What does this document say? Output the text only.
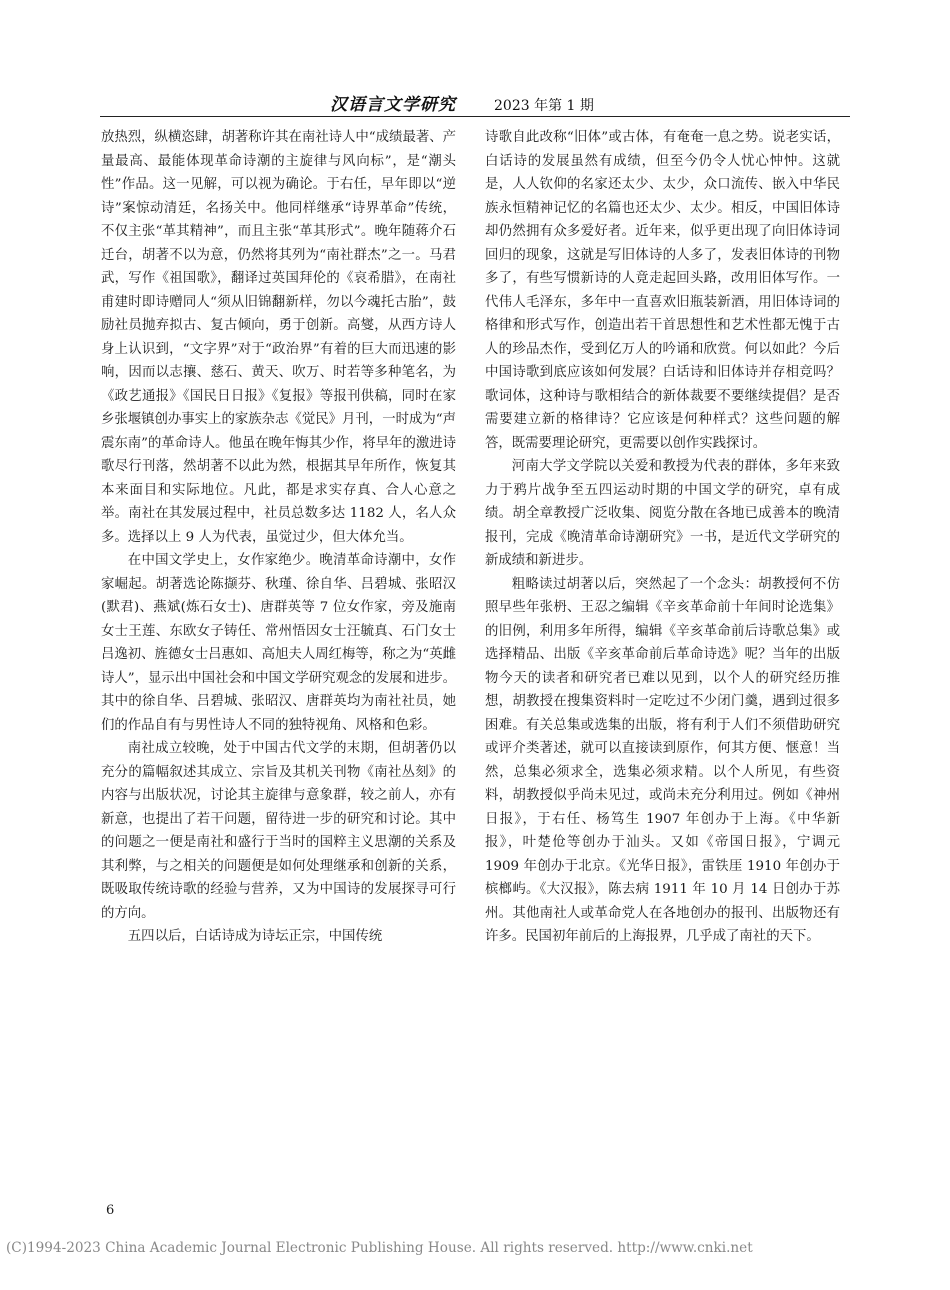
汉语言文学研究	2023 年第 1 期

放热烈，纵横恣肆，胡著称许其在南社诗人中“成绩最著、产量最高、最能体现革命诗潮的主旋律与风向标”，是“潮头性”作品。这一见解，可以视为确论。于右任，早年即以“逆诗”案惊动清廷，名扬关中。他同样继承“诗界革命”传统，不仅主张“革其精神”，而且主张“革其形式”。晚年随蒋介石迁台，胡著不以为意，仍然将其列为“南社群杰”之一。马君武，写作《祖国歌》，翻译过英国拜伦的《哀希腊》，在南社甫建时即诗赠同人“须从旧锦翻新样，勿以今魂托古胎”，鼓励社员抛弃拟古、复古倾向，勇于创新。高燮，从西方诗人身上认识到，“文字界”对于“政治界”有着的巨大而迅速的影响，因而以志攘、慈石、黄天、吹万、时若等多种笔名，为《政艺通报》《国民日日报》《复报》等报刊供稿，同时在家乡张堰镇创办事实上的家族杂志《觉民》月刊，一时成为“声震东南”的革命诗人。他虽在晚年悔其少作，将早年的激进诗歌尽行刊落，然胡著不以此为然，根据其早年所作，恢复其本来面目和实际地位。凡此，都是求实存真、合人心意之举。南社在其发展过程中，社员总数多达 1182 人，名人众多。选择以上 9 人为代表，虽觉过少，但大体允当。

在中国文学史上，女作家绝少。晚清革命诗潮中，女作家崛起。胡著选论陈撷芬、秋瑾、徐自华、吕碧城、张昭汉(默君)、燕斌(炼石女士)、唐群英等 7 位女作家，旁及施南女士王莲、东欧女子铸任、常州悟因女士汪毓真、石门女士吕逸初、旌德女士吕惠如、高旭夫人周红梅等，称之为“英雌诗人”，显示出中国社会和中国文学研究观念的发展和进步。其中的徐自华、吕碧城、张昭汉、唐群英均为南社社员，她们的作品自有与男性诗人不同的独特视角、风格和色彩。

南社成立较晚，处于中国古代文学的末期，但胡著仍以充分的篇幅叙述其成立、宗旨及其机关刊物《南社丛刻》的内容与出版状况，讨论其主旋律与意象群，较之前人，亦有新意，也提出了若干问题，留待进一步的研究和讨论。其中的问题之一便是南社和盛行于当时的国粹主义思潮的关系及其利弊，与之相关的问题便是如何处理继承和创新的关系，既吸取传统诗歌的经验与营养，又为中国诗的发展探寻可行的方向。

五四以后，白话诗成为诗坛正宗，中国传统

诗歌自此改称“旧体”或古体，有奄奄一息之势。说老实话，白话诗的发展虽然有成绩，但至今仍令人忧心忡忡。这就是，人人钦仰的名家还太少、太少，众口流传、嵌入中华民族永恒精神记忆的名篇也还太少、太少。相反，中国旧体诗却仍然拥有众多爱好者。近年来，似乎更出现了向旧体诗词回归的现象，这就是写旧体诗的人多了，发表旧体诗的刊物多了，有些写惯新诗的人竟走起回头路，改用旧体写作。一代伟人毛泽东，多年中一直喜欢旧瓶装新酒，用旧体诗词的格律和形式写作，创造出若干首思想性和艺术性都无愧于古人的珍品杰作，受到亿万人的吟诵和欣赏。何以如此？今后中国诗歌到底应该如何发展？白话诗和旧体诗并存相竞吗？歌词体，这种诗与歌相结合的新体裁要不要继续提倡？是否需要建立新的格律诗？它应该是何种样式？这些问题的解答，既需要理论研究，更需要以创作实践探讨。

河南大学文学院以关爱和教授为代表的群体，多年来致力于鸦片战争至五四运动时期的中国文学的研究，卓有成绩。胡全章教授广泛收集、阅览分散在各地已成善本的晚清报刊，完成《晚清革命诗潮研究》一书，是近代文学研究的新成绩和新进步。

粗略读过胡著以后，突然起了一个念头：胡教授何不仿照早些年张枬、王忍之编辑《辛亥革命前十年间时论选集》的旧例，利用多年所得，编辑《辛亥革命前后诗歌总集》或选择精品、出版《辛亥革命前后革命诗选》呢？当年的出版物今天的读者和研究者已难以见到，以个人的研究经历推想，胡教授在搜集资料时一定吃过不少闭门羹，遇到过很多困难。有关总集或选集的出版，将有利于人们不须借助研究或评介类著述，就可以直接读到原作，何其方便、惬意！当然，总集必须求全，选集必须求精。以个人所见，有些资料，胡教授似乎尚未见过，或尚未充分利用过。例如《神州日报》，于右任、杨笃生 1907 年创办于上海。《中华新报》，叶楚伧等创办于汕头。又如《帝国日报》，宁调元 1909 年创办于北京。《光华日报》，雷铁厓 1910 年创办于槟榔屿。《大汉报》，陈去病 1911 年 10 月 14 日创办于苏州。其他南社人或革命党人在各地创办的报刊、出版物还有许多。民国初年前后的上海报界，几乎成了南社的天下。

6
(C)1994-2023 China Academic Journal Electronic Publishing House. All rights reserved. http://www.cnki.net
